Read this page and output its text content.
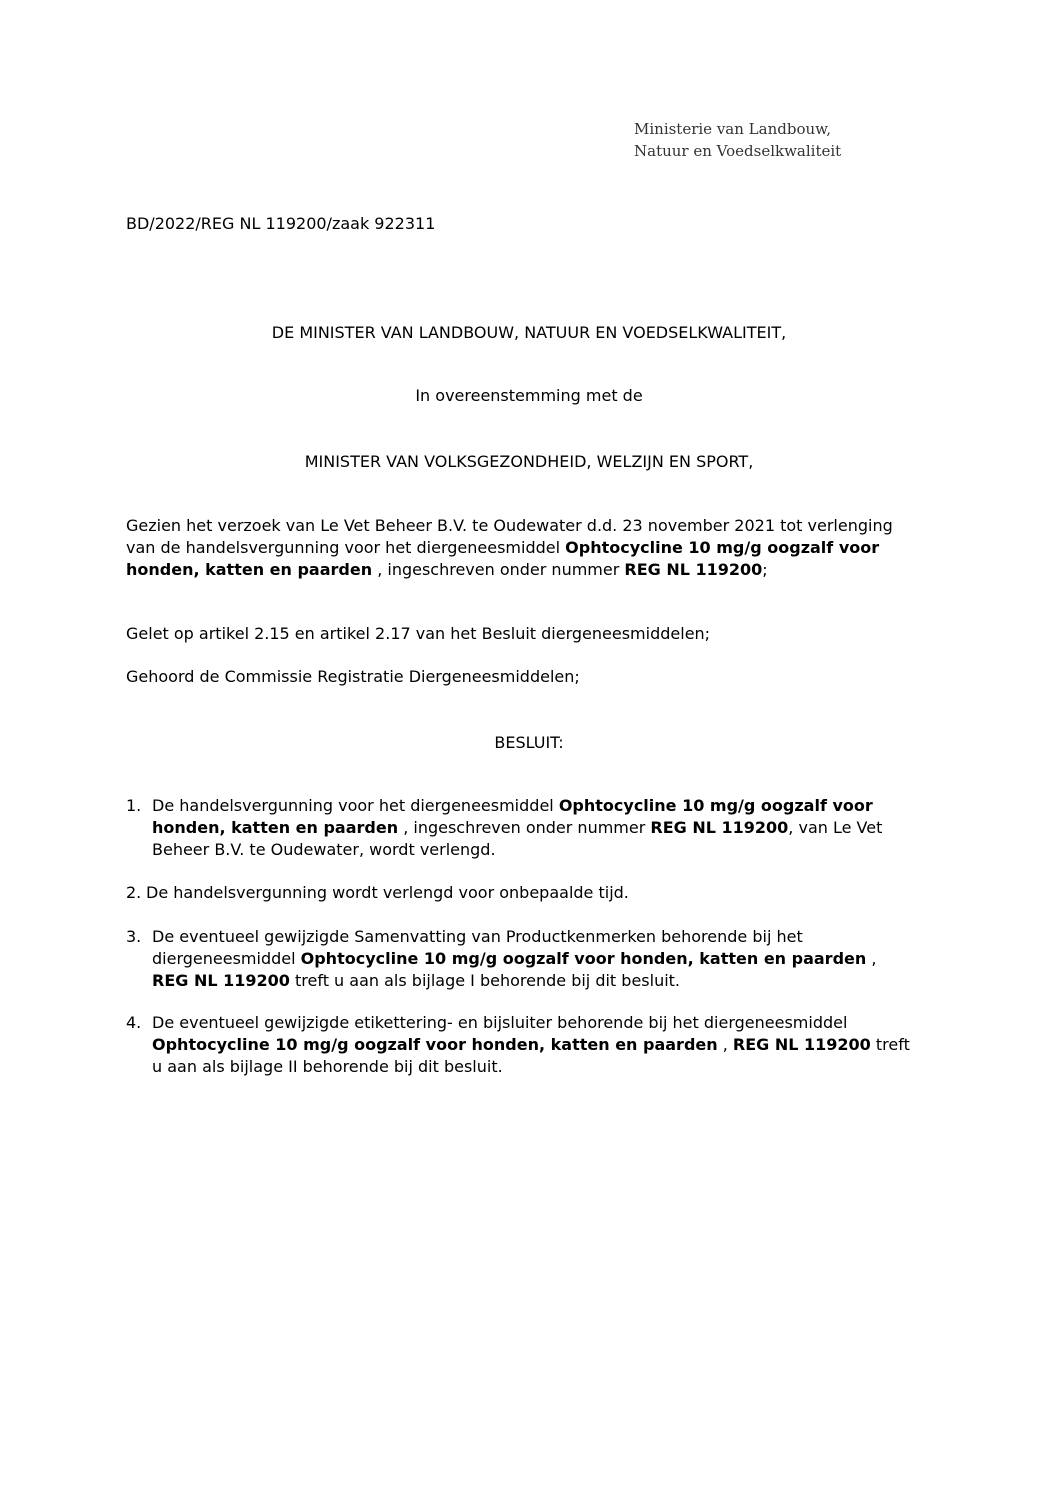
Ministerie van Landbouw,
Natuur en Voedselkwaliteit
BD/2022/REG NL 119200/zaak 922311
DE MINISTER VAN LANDBOUW, NATUUR EN VOEDSELKWALITEIT,
In overeenstemming met de
MINISTER VAN VOLKSGEZONDHEID, WELZIJN EN SPORT,
Gezien het verzoek van Le Vet Beheer B.V. te Oudewater d.d. 23 november 2021 tot verlenging van de handelsvergunning voor het diergeneesmiddel Ophtocycline 10 mg/g oogzalf voor honden, katten en paarden , ingeschreven onder nummer REG NL 119200;
Gelet op artikel 2.15 en artikel 2.17 van het Besluit diergeneesmiddelen;
Gehoord de Commissie Registratie Diergeneesmiddelen;
BESLUIT:
1. De handelsvergunning voor het diergeneesmiddel Ophtocycline 10 mg/g oogzalf voor honden, katten en paarden , ingeschreven onder nummer REG NL 119200, van Le Vet Beheer B.V. te Oudewater, wordt verlengd.
2. De handelsvergunning wordt verlengd voor onbepaalde tijd.
3. De eventueel gewijzigde Samenvatting van Productkenmerken behorende bij het diergeneesmiddel Ophtocycline 10 mg/g oogzalf voor honden, katten en paarden , REG NL 119200 treft u aan als bijlage I behorende bij dit besluit.
4. De eventueel gewijzigde etikettering- en bijsluiter behorende bij het diergeneesmiddel Ophtocycline 10 mg/g oogzalf voor honden, katten en paarden , REG NL 119200 treft u aan als bijlage II behorende bij dit besluit.
